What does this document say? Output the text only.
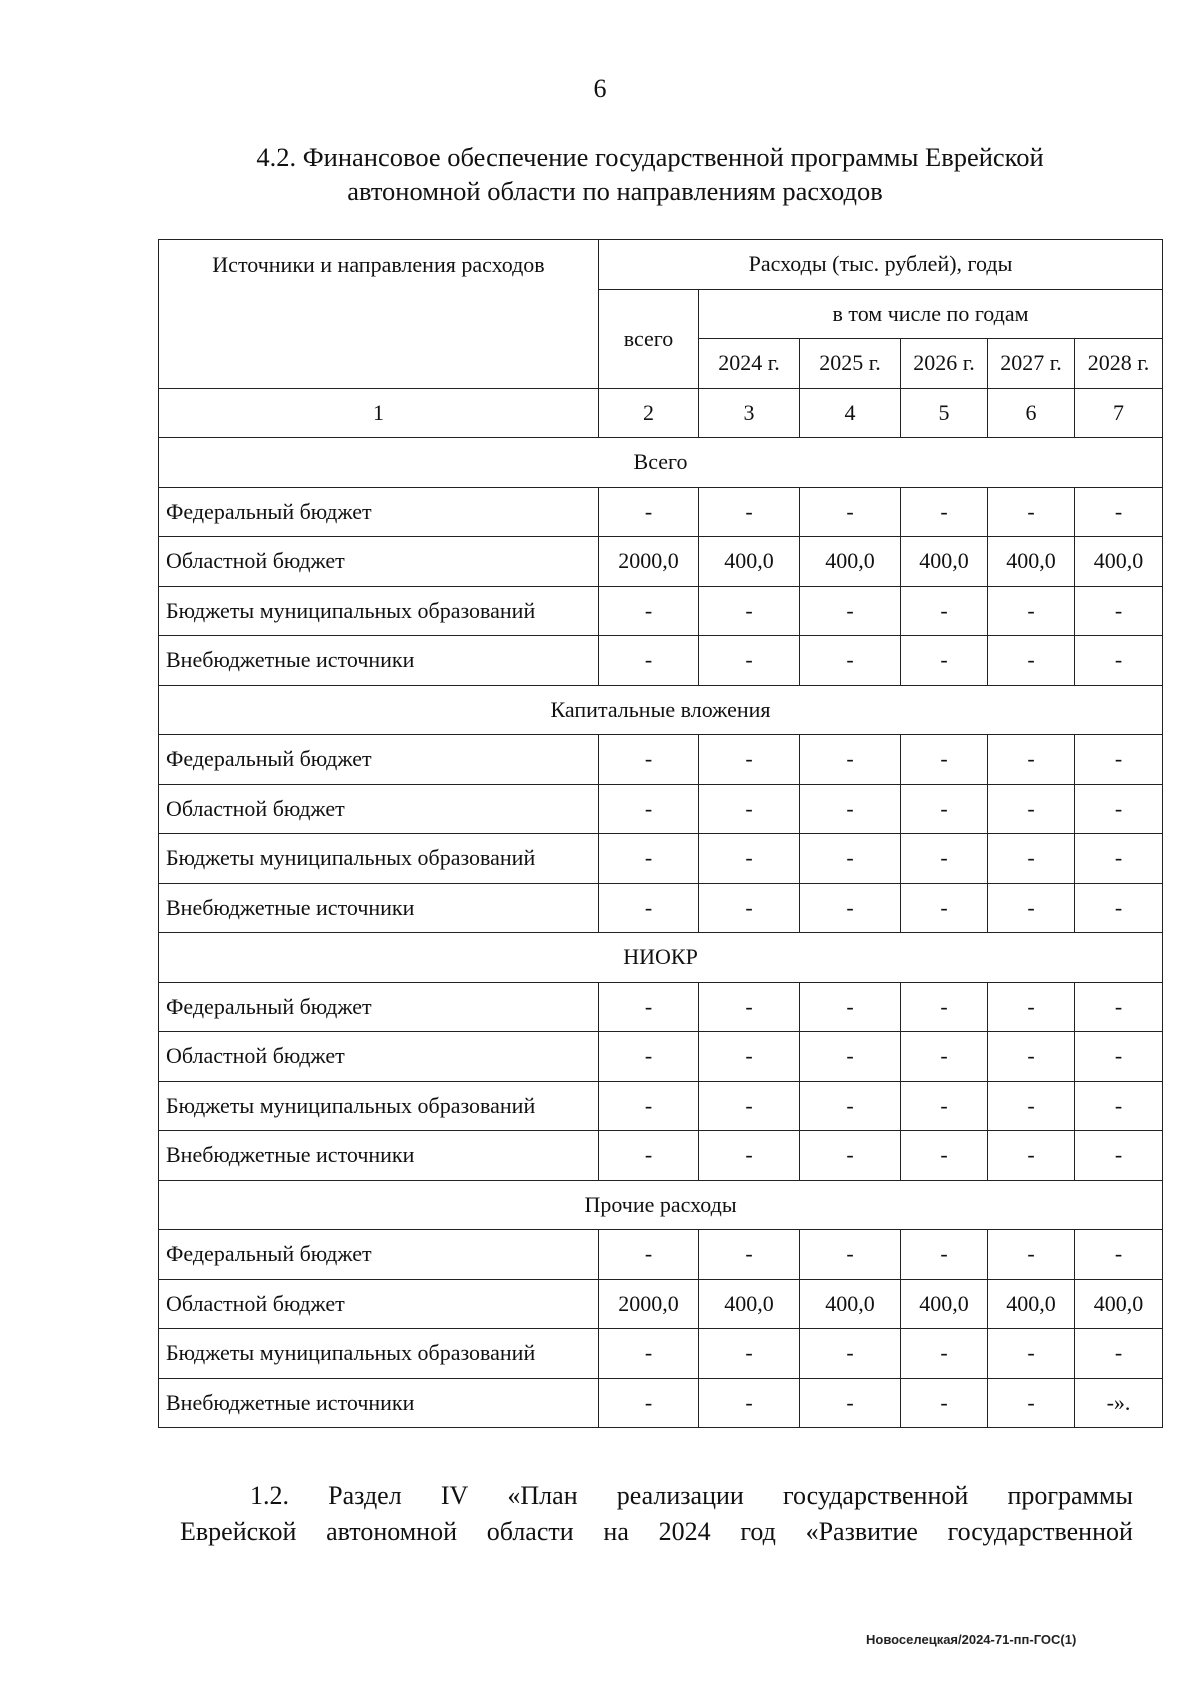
6
4.2. Финансовое обеспечение государственной программы Еврейской
автономной области по направлениям расходов
Источники и направления расходов	Расходы (тыс. рублей), годы					
	всего	в том числе по годам				
		2024 г.	2025 г.	2026 г.	2027 г.	2028 г.
1	2	3	4	5	6	7
Всего						
Федеральный бюджет	-	-	-	-	-	-
Областной бюджет	2000,0	400,0	400,0	400,0	400,0	400,0
Бюджеты муниципальных образований	-	-	-	-	-	-
Внебюджетные источники	-	-	-	-	-	-
Капитальные вложения						
Федеральный бюджет	-	-	-	-	-	-
Областной бюджет	-	-	-	-	-	-
Бюджеты муниципальных образований	-	-	-	-	-	-
Внебюджетные источники	-	-	-	-	-	-
НИОКР						
Федеральный бюджет	-	-	-	-	-	-
Областной бюджет	-	-	-	-	-	-
Бюджеты муниципальных образований	-	-	-	-	-	-
Внебюджетные источники	-	-	-	-	-	-
Прочие расходы						
Федеральный бюджет	-	-	-	-	-	-
Областной бюджет	2000,0	400,0	400,0	400,0	400,0	400,0
Бюджеты муниципальных образований	-	-	-	-	-	-
Внебюджетные источники	-	-	-	-	-	-».
1.2. Раздел IV «План реализации государственной программы
Еврейской автономной области на 2024 год «Развитие государственной
Новоселецкая/2024-71-пп-ГОС(1)
